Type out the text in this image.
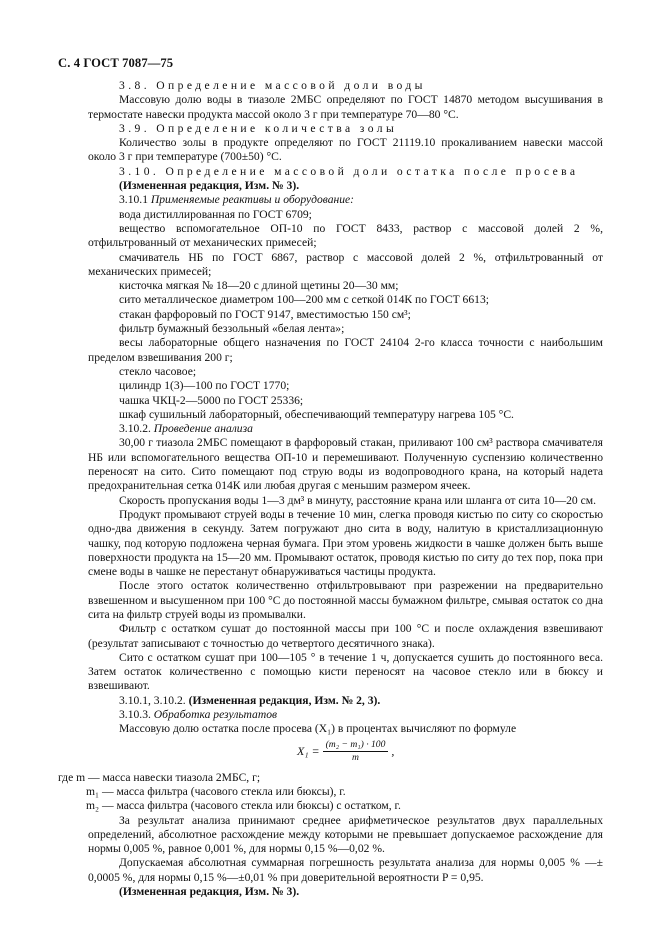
С. 4 ГОСТ 7087—75

3.8. Определение массовой доли воды

Массовую долю воды в тиазоле 2МБС определяют по ГОСТ 14870 методом высушивания в термостате навески продукта массой около 3 г при температуре 70—80 °С.

3.9. Определение количества золы

Количество золы в продукте определяют по ГОСТ 21119.10 прокаливанием навески массой около 3 г при температуре (700±50) °С.

3.10. Определение массовой доли остатка после просева

(Измененная редакция, Изм. № 3).

3.10.1 Применяемые реактивы и оборудование:

вода дистиллированная по ГОСТ 6709;

вещество вспомогательное ОП-10 по ГОСТ 8433, раствор с массовой долей 2 %, отфильтрованный от механических примесей;

смачиватель НБ по ГОСТ 6867, раствор с массовой долей 2 %, отфильтрованный от механических примесей;

кисточка мягкая № 18—20 с длиной щетины 20—30 мм;

сито металлическое диаметром 100—200 мм с сеткой 014К по ГОСТ 6613;

стакан фарфоровый по ГОСТ 9147, вместимостью 150 см³;

фильтр бумажный беззольный «белая лента»;

весы лабораторные общего назначения по ГОСТ 24104 2-го класса точности с наибольшим пределом взвешивания 200 г;

стекло часовое;

цилиндр 1(3)—100 по ГОСТ 1770;

чашка ЧКЦ-2—5000 по ГОСТ 25336;

шкаф сушильный лабораторный, обеспечивающий температуру нагрева 105 °С.

3.10.2. Проведение анализа

30,00 г тиазола 2МБС помещают в фарфоровый стакан, приливают 100 см³ раствора смачивателя НБ или вспомогательного вещества ОП-10 и перемешивают. Полученную суспензию количественно переносят на сито. Сито помещают под струю воды из водопроводного крана, на который надета предохранительная сетка 014К или любая другая с меньшим размером ячеек.

Скорость пропускания воды 1—3 дм³ в минуту, расстояние крана или шланга от сита 10—20 см.

Продукт промывают струей воды в течение 10 мин, слегка проводя кистью по ситу со скоростью одно-два движения в секунду. Затем погружают дно сита в воду, налитую в кристаллизационную чашку, под которую подложена черная бумага. При этом уровень жидкости в чашке должен быть выше поверхности продукта на 15—20 мм. Промывают остаток, проводя кистью по ситу до тех пор, пока при смене воды в чашке не перестанут обнаруживаться частицы продукта.

После этого остаток количественно отфильтровывают при разрежении на предварительно взвешенном и высушенном при 100 °С до постоянной массы бумажном фильтре, смывая остаток со дна сита на фильтр струей воды из промывалки.

Фильтр с остатком сушат до постоянной массы при 100 °С и после охлаждения взвешивают (результат записывают с точностью до четвертого десятичного знака).

Сито с остатком сушат при 100—105 ° в течение 1 ч, допускается сушить до постоянного веса. Затем остаток количественно с помощью кисти переносят на часовое стекло или в бюксу и взвешивают.

3.10.1, 3.10.2. (Измененная редакция, Изм. № 2, 3).

3.10.3. Обработка результатов

Массовую долю остатка после просева (X₁) в процентах вычисляют по формуле

$X_1 = \frac{\text{(m₂ − m₁) · 100}}{m}$ ,

где m — масса навески тиазола 2МБС, г;

m₁ — масса фильтра (часового стекла или бюксы), г.

m₂ — масса фильтра (часового стекла или бюксы) с остатком, г.

За результат анализа принимают среднее арифметическое результатов двух параллельных определений, абсолютное расхождение между которыми не превышает допускаемое расхождение для нормы 0,005 %, равное 0,001 %, для нормы 0,15 %—0,02 %.

Допускаемая абсолютная суммарная погрешность результата анализа для нормы 0,005 % —± 0,0005 %, для нормы 0,15 %—±0,01 % при доверительной вероятности P = 0,95.

(Измененная редакция, Изм. № 3).
